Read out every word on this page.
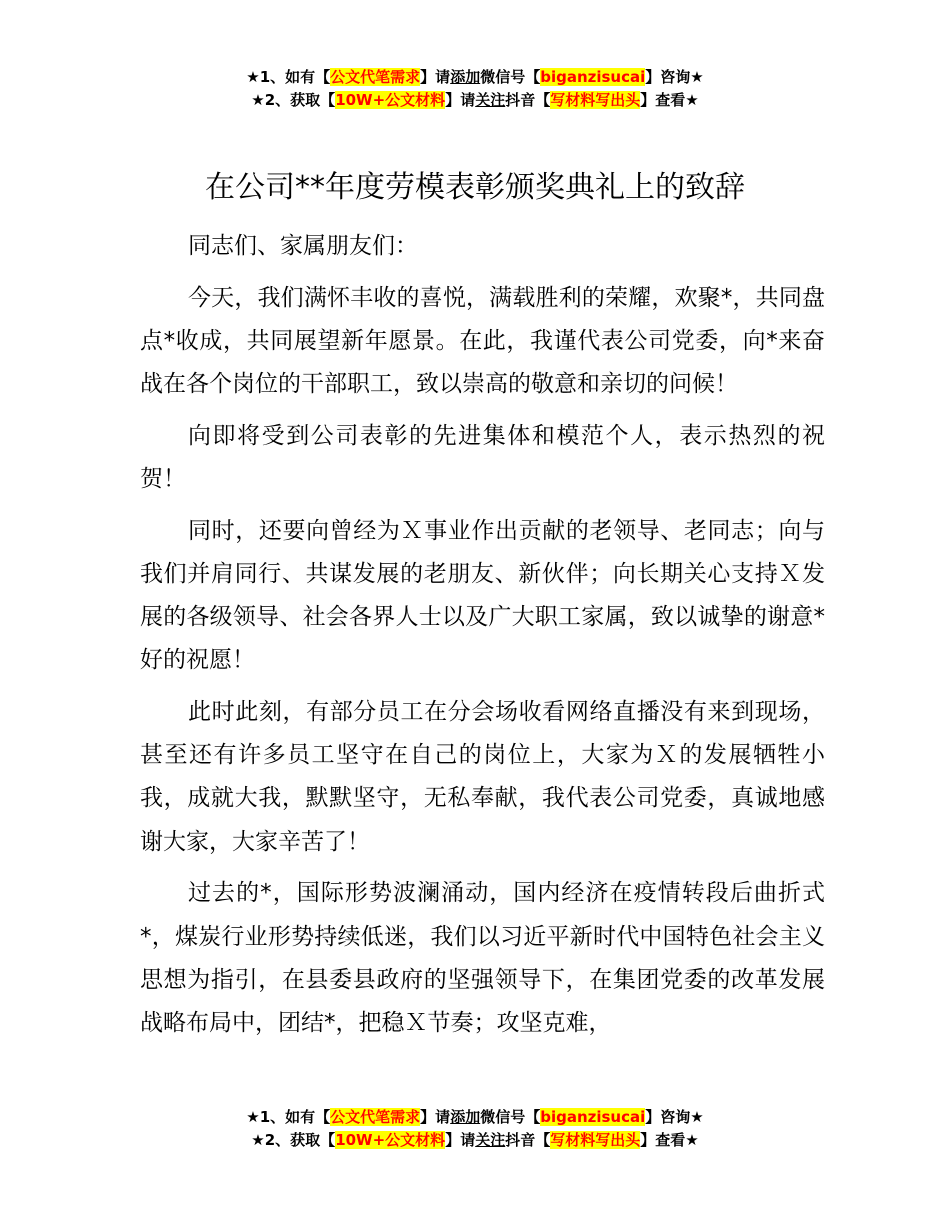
★1、如有【公文代笔需求】请添加微信号【biganzisucai】咨询★
★2、获取【10W+公文材料】请关注抖音【写材料写出头】查看★
在公司**年度劳模表彰颁奖典礼上的致辞

同志们、家属朋友们：

今天，我们满怀丰收的喜悦，满载胜利的荣耀，欢聚*，共同盘点*收成，共同展望新年愿景。在此，我谨代表公司党委，向*来奋战在各个岗位的干部职工，致以崇高的敬意和亲切的问候！

向即将受到公司表彰的先进集体和模范个人，表示热烈的祝贺！

同时，还要向曾经为Ｘ事业作出贡献的老领导、老同志；向与我们并肩同行、共谋发展的老朋友、新伙伴；向长期关心支持Ｘ发展的各级领导、社会各界人士以及广大职工家属，致以诚挚的谢意*好的祝愿！

此时此刻，有部分员工在分会场收看网络直播没有来到现场，甚至还有许多员工坚守在自己的岗位上，大家为Ｘ的发展牺牲小我，成就大我，默默坚守，无私奉献，我代表公司党委，真诚地感谢大家，大家辛苦了！

过去的*，国际形势波澜涌动，国内经济在疫情转段后曲折式*，煤炭行业形势持续低迷，我们以习近平新时代中国特色社会主义思想为指引，在县委县政府的坚强领导下，在集团党委的改革发展战略布局中，团结*，把稳Ｘ节奏；攻坚克难，

★1、如有【公文代笔需求】请添加微信号【biganzisucai】咨询★
★2、获取【10W+公文材料】请关注抖音【写材料写出头】查看★
